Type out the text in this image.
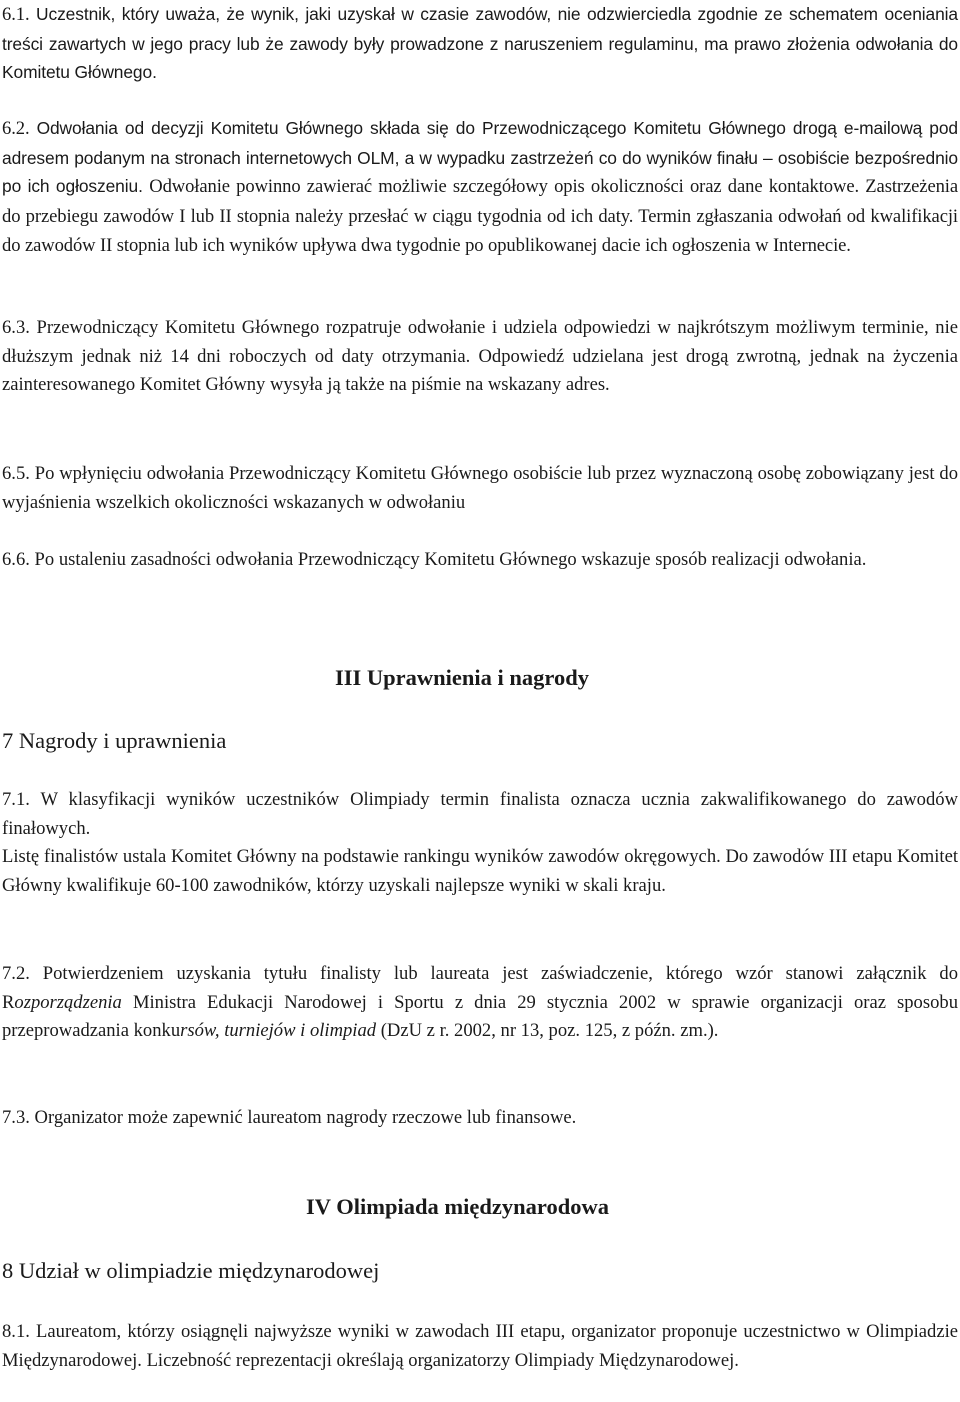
6.1. Uczestnik, który uważa, że wynik, jaki uzyskał w czasie zawodów, nie odzwierciedla zgodnie ze schematem oceniania treści zawartych w jego pracy lub że zawody były prowadzone z naruszeniem regulaminu, ma prawo złożenia odwołania do Komitetu Głównego.

6.2. Odwołania od decyzji Komitetu Głównego składa się do Przewodniczącego Komitetu Głównego drogą e-mailową pod adresem podanym na stronach internetowych OLM, a w wypadku zastrzeżeń co do wyników finału – osobiście bezpośrednio po ich ogłoszeniu. Odwołanie powinno zawierać możliwie szczegółowy opis okoliczności oraz dane kontaktowe. Zastrzeżenia do przebiegu zawodów I lub II stopnia należy przesłać w ciągu tygodnia od ich daty. Termin zgłaszania odwołań od kwalifikacji do zawodów II stopnia lub ich wyników upływa dwa tygodnie po opublikowanej dacie ich ogłoszenia w Internecie.

6.3. Przewodniczący Komitetu Głównego rozpatruje odwołanie i udziela odpowiedzi w najkrótszym możliwym terminie, nie dłuższym jednak niż 14 dni roboczych od daty otrzymania. Odpowiedź udzielana jest drogą zwrotną, jednak na życzenia zainteresowanego Komitet Główny wysyła ją także na piśmie na wskazany adres.

6.5. Po wpłynięciu odwołania Przewodniczący Komitetu Głównego osobiście lub przez wyznaczoną osobę zobowiązany jest do wyjaśnienia wszelkich okoliczności wskazanych w odwołaniu

6.6. Po ustaleniu zasadności odwołania Przewodniczący Komitetu Głównego wskazuje sposób realizacji odwołania.

III Uprawnienia i nagrody
7 Nagrody i uprawnienia

7.1. W klasyfikacji wyników uczestników Olimpiady termin finalista oznacza ucznia zakwalifikowanego do zawodów finałowych.
Listę finalistów ustala Komitet Główny na podstawie rankingu wyników zawodów okręgowych. Do zawodów III etapu Komitet Główny kwalifikuje 60-100 zawodników, którzy uzyskali najlepsze wyniki w skali kraju.

7.2. Potwierdzeniem uzyskania tytułu finalisty lub laureata jest zaświadczenie, którego wzór stanowi załącznik do Rozporządzenia Ministra Edukacji Narodowej i Sportu z dnia 29 stycznia 2002 w sprawie organizacji oraz sposobu przeprowadzania konkursów, turniejów i olimpiad (DzU z r. 2002, nr 13, poz. 125, z późn. zm.).

7.3. Organizator może zapewnić laureatom nagrody rzeczowe lub finansowe.

IV Olimpiada międzynarodowa
8 Udział w olimpiadzie międzynarodowej

8.1. Laureatom, którzy osiągnęli najwyższe wyniki w zawodach III etapu, organizator proponuje uczestnictwo w Olimpiadzie Międzynarodowej. Liczebność reprezentacji określają organizatorzy Olimpiady Międzynarodowej.
